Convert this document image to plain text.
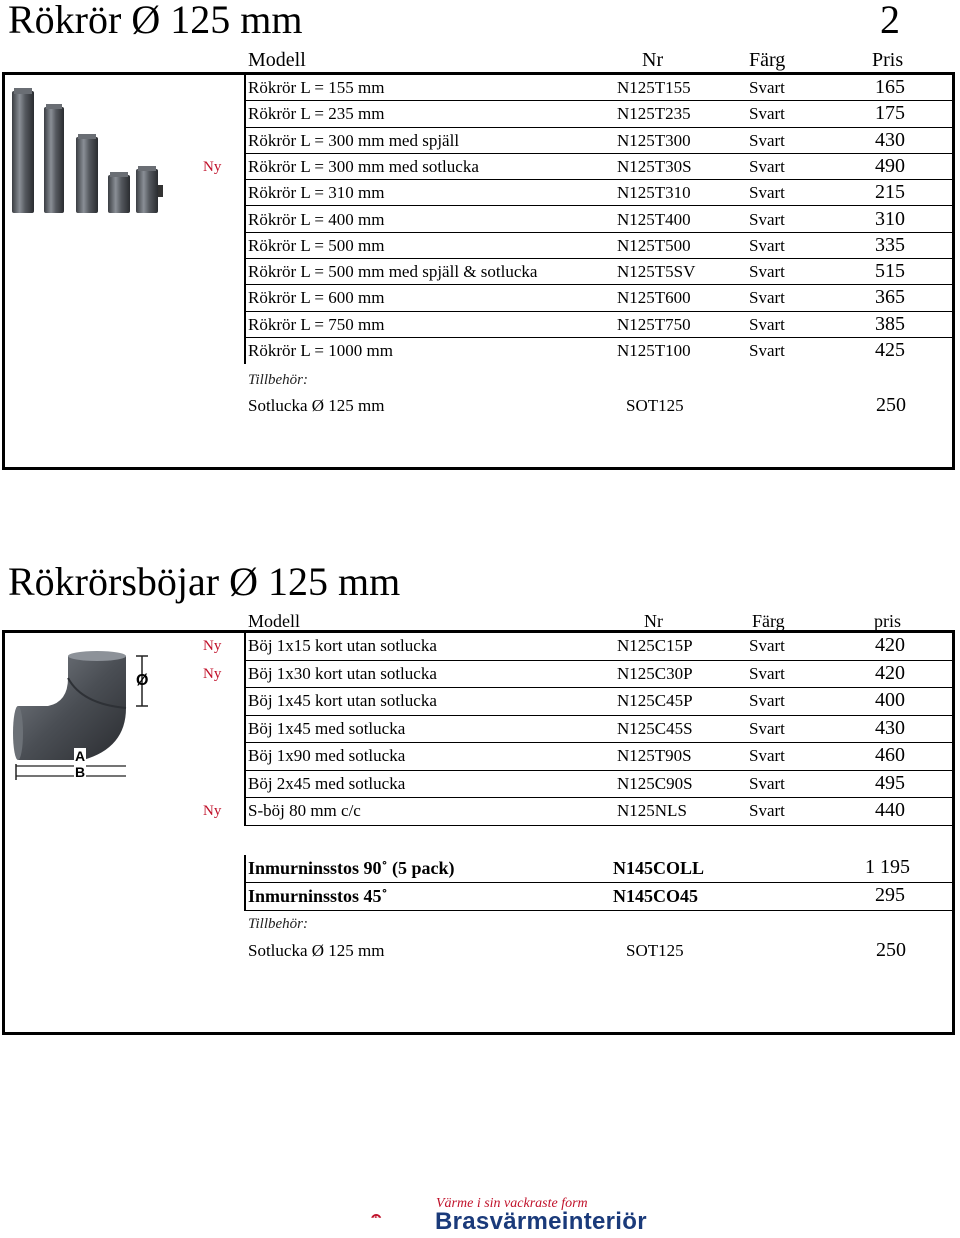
Rökrör Ø 125 mm	2
Modell	Nr	Färg	Pris
Rökrör L = 155 mm	N125T155	Svart	165
Rökrör L = 235 mm	N125T235	Svart	175
Rökrör L = 300 mm med spjäll	N125T300	Svart	430
Rökrör L = 300 mm med sotlucka	N125T30S	Svart	490
Rökrör L = 310 mm	N125T310	Svart	215
Rökrör L = 400 mm	N125T400	Svart	310
Rökrör L = 500 mm	N125T500	Svart	335
Rökrör L = 500 mm med spjäll & sotlucka	N125T5SV	Svart	515
Rökrör L = 600 mm	N125T600	Svart	365
Rökrör L = 750 mm	N125T750	Svart	385
Rökrör L = 1000 mm	N125T100	Svart	425
Tillbehör:
Sotlucka Ø 125 mm	SOT125	250
Rökrörsböjar Ø 125 mm
Modell	Nr	Färg	pris
Ø
A
B
Böj 1x15 kort utan sotlucka	N125C15P	Svart	420
Böj 1x30 kort utan sotlucka	N125C30P	Svart	420
Böj 1x45 kort utan sotlucka	N125C45P	Svart	400
Böj 1x45 med sotlucka	N125C45S	Svart	430
Böj 1x90 med sotlucka	N125T90S	Svart	460
Böj 2x45 med sotlucka	N125C90S	Svart	495
S-böj 80 mm c/c	N125NLS	Svart	440
Inmurninsstos 90˚ (5 pack)	N145COLL	1 195
Inmurninsstos 45˚	N145CO45	295
Tillbehör:
Sotlucka Ø 125 mm	SOT125	250
Värme i sin vackraste form
Brasvärmeinteriör
Ny
Ny
Ny
Ny
